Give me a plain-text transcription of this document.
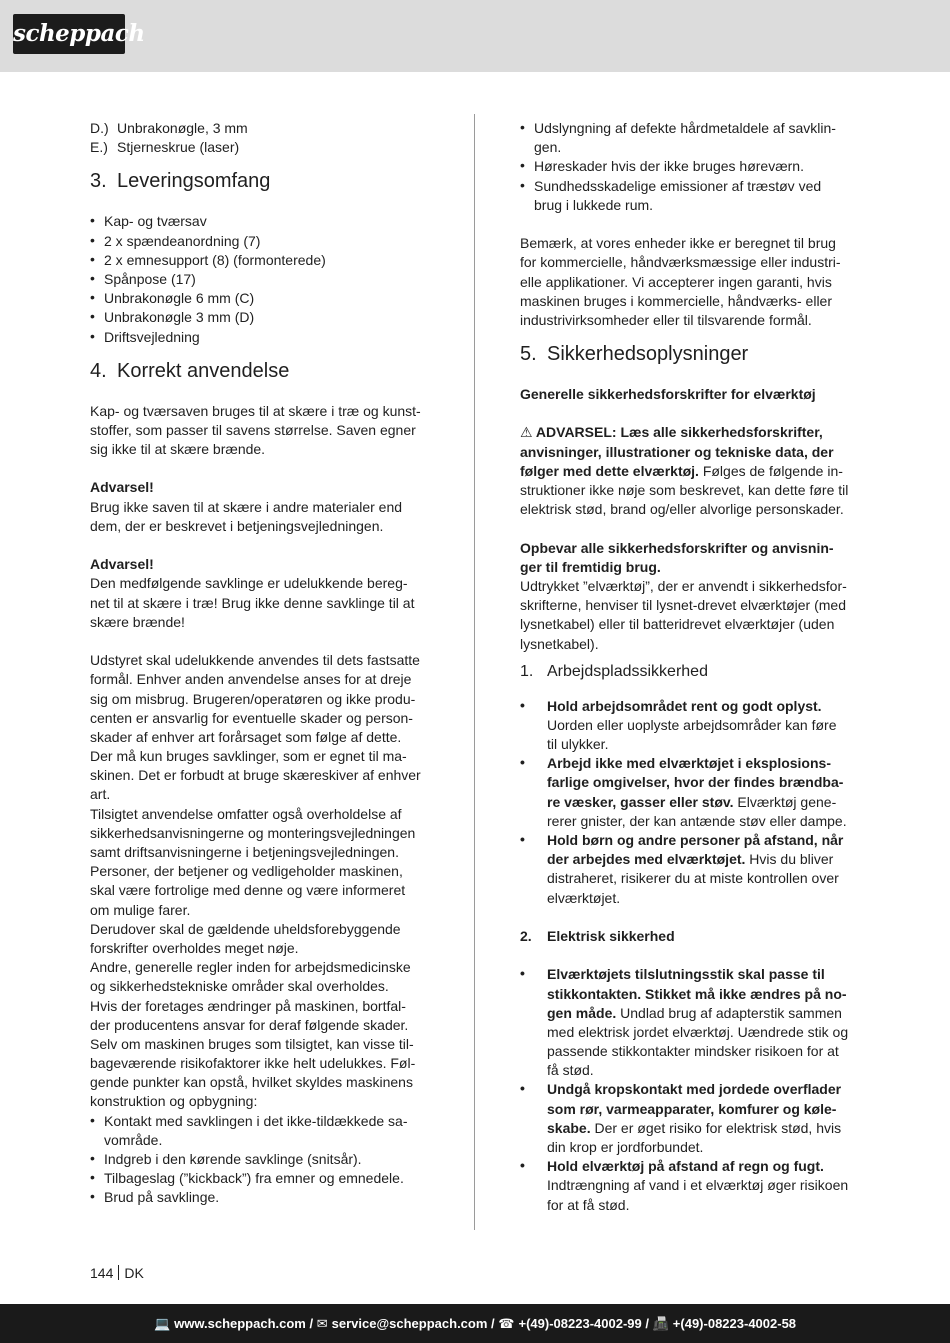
scheppach
D.) Unbrakonøgle, 3 mm
E.) Stjerneskrue (laser)
3. Leveringsomfang
• Kap- og tværsav
• 2 x spændeanordning (7)
• 2 x emnesupport (8) (formonterede)
• Spånpose (17)
• Unbrakonøgle 6 mm (C)
• Unbrakonøgle 3 mm (D)
• Driftsvejledning
4. Korrekt anvendelse
Kap- og tværsaven bruges til at skære i træ og kunst-
stoffer, som passer til savens størrelse. Saven egner
sig ikke til at skære brænde.
Advarsel!
Brug ikke saven til at skære i andre materialer end
dem, der er beskrevet i betjeningsvejledningen.
Advarsel!
Den medfølgende savklinge er udelukkende bereg-
net til at skære i træ! Brug ikke denne savklinge til at
skære brænde!
Udstyret skal udelukkende anvendes til dets fastsatte
formål. Enhver anden anvendelse anses for at dreje
sig om misbrug. Brugeren/operatøren og ikke produ-
centen er ansvarlig for eventuelle skader og person-
skader af enhver art forårsaget som følge af dette.
Der må kun bruges savklinger, som er egnet til ma-
skinen. Det er forbudt at bruge skæreskiver af enhver
art.
Tilsigtet anvendelse omfatter også overholdelse af
sikkerhedsanvisningerne og monteringsvejledningen
samt driftsanvisningerne i betjeningsvejledningen.
Personer, der betjener og vedligeholder maskinen,
skal være fortrolige med denne og være informeret
om mulige farer.
Derudover skal de gældende uheldsforebyggende
forskrifter overholdes meget nøje.
Andre, generelle regler inden for arbejdsmedicinske
og sikkerhedstekniske områder skal overholdes.
Hvis der foretages ændringer på maskinen, bortfal-
der producentens ansvar for deraf følgende skader.
Selv om maskinen bruges som tilsigtet, kan visse til-
bageværende risikofaktorer ikke helt udelukkes. Føl-
gende punkter kan opstå, hvilket skyldes maskinens
konstruktion og opbygning:
• Kontakt med savklingen i det ikke-tildækkede sa-
vområde.
• Indgreb i den kørende savklinge (snitsår).
• Tilbageslag (”kickback”) fra emner og emnedele.
• Brud på savklinge.
• Udslyngning af defekte hårdmetaldele af savklin-
gen.
• Høreskader hvis der ikke bruges høreværn.
• Sundhedsskadelige emissioner af træstøv ved
brug i lukkede rum.
Bemærk, at vores enheder ikke er beregnet til brug
for kommercielle, håndværksmæssige eller industri-
elle applikationer. Vi accepterer ingen garanti, hvis
maskinen bruges i kommercielle, håndværks- eller
industrivirksomheder eller til tilsvarende formål.
5. Sikkerhedsoplysninger
Generelle sikkerhedsforskrifter for elværktøj
⚠ ADVARSEL: Læs alle sikkerhedsforskrifter,
anvisninger, illustrationer og tekniske data, der
følger med dette elværktøj. Følges de følgende in-
struktioner ikke nøje som beskrevet, kan dette føre til
elektrisk stød, brand og/eller alvorlige personskader.
Opbevar alle sikkerhedsforskrifter og anvisnin-
ger til fremtidig brug.
Udtrykket ”elværktøj”, der er anvendt i sikkerhedsfor-
skrifterne, henviser til lysnet-drevet elværktøjer (med
lysnetkabel) eller til batteridrevet elværktøjer (uden
lysnetkabel).
1. Arbejdspladssikkerhed
• Hold arbejdsområdet rent og godt oplyst.
Uorden eller uoplyste arbejdsområder kan føre
til ulykker.
• Arbejd ikke med elværktøjet i eksplosions-
farlige omgivelser, hvor der findes brændba-
re væsker, gasser eller støv. Elværktøj gene-
rerer gnister, der kan antænde støv eller dampe.
• Hold børn og andre personer på afstand, når
der arbejdes med elværktøjet. Hvis du bliver
distraheret, risikerer du at miste kontrollen over
elværktøjet.
2. Elektrisk sikkerhed
• Elværktøjets tilslutningsstik skal passe til
stikkontakten. Stikket må ikke ændres på no-
gen måde. Undlad brug af adapterstik sammen
med elektrisk jordet elværktøj. Uændrede stik og
passende stikkontakter mindsker risikoen for at
få stød.
• Undgå kropskontakt med jordede overflader
som rør, varmeapparater, komfurer og køle-
skabe. Der er øget risiko for elektrisk stød, hvis
din krop er jordforbundet.
• Hold elværktøj på afstand af regn og fugt.
Indtrængning af vand i et elværktøj øger risikoen
for at få stød.
144 DK
💻 www.scheppach.com / ✉ service@scheppach.com / ☎ +(49)-08223-4002-99 / 📠 +(49)-08223-4002-58
